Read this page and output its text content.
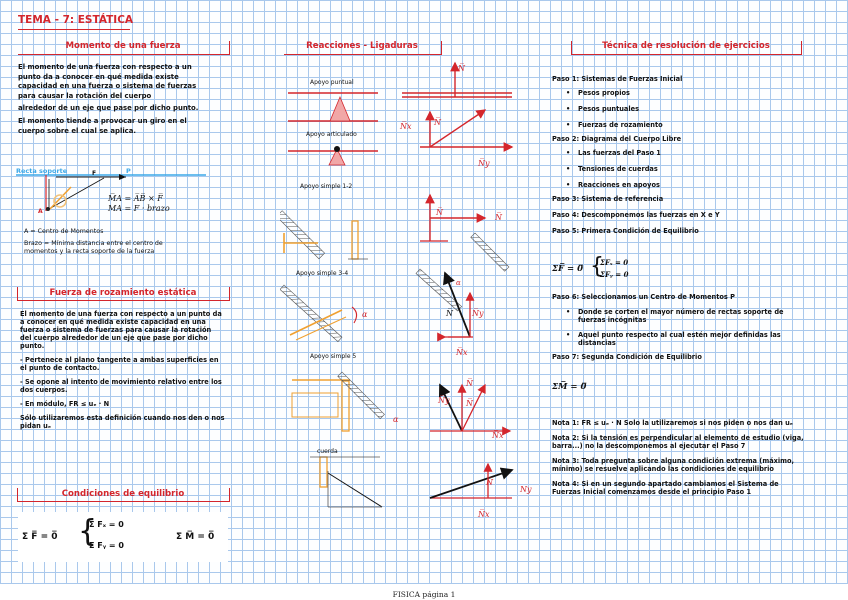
TEMA - 7: ESTÁTICA
Momento de una fuerza
El momento de una fuerza con respecto a un
punto da a conocer en qué medida existe
capacidad en una fuerza o sistema de fuerzas
para causar la rotación del cuerpo
alrededor de un eje que pase por dicho punto.
El momento tiende a provocar un giro en el
cuerpo sobre el cual se aplica.
Recta soporte	F	P
A
M̅A = A̅B̅ × F̅
MA = F · brazo
A = Centro de Momentos
Brazo = Mínima distancia entre el centro de
momentos y la recta soporte de la fuerza
Fuerza de rozamiento estática
El momento de una fuerza con respecto a un punto da
a conocer en qué medida existe capacidad en una
fuerza o sistema de fuerzas para causar la rotación
del cuerpo alrededor de un eje que pase por dicho
punto.
- Pertenece al plano tangente a ambas superficies en
el punto de contacto.
- Se opone al intento de movimiento relativo entre los
dos cuerpos.
- En módulo, FR ≤ uₑ · N
Sólo utilizaremos esta definición cuando nos den o nos
pidan uₑ
Condiciones de equilibrio
Σ F̅ = 0̅ {
Σ Fₓ = 0
Σ Fᵧ = 0
Σ M̅ = 0̅
Reacciones - Ligaduras
Apoyo puntual
Apoyo articulado
Apoyo simple 1-2
Apoyo simple 3-4
Apoyo simple 5
cuerda
N̅
N̅
N̅x
N̅y
N̅
N̅
α
α
N̅ N̅y
N̅x
α
N̅
N̅y N̅
N̅x
N̅
Ny
N̅x
Técnica de resolución de ejercicios
Paso 1: Sistemas de Fuerzas Inicial
• Pesos propios
• Pesos puntuales
• Fuerzas de rozamiento
Paso 2: Diagrama del Cuerpo Libre
• Las fuerzas del Paso 1
• Tensiones de cuerdas
• Reacciones en apoyos
Paso 3: Sistema de referencia
Paso 4: Descomponemos las fuerzas en X e Y
Paso 5: Primera Condición de Equilibrio
ΣF̅ = 0̅ {
ΣFₓ = 0
ΣFᵧ = 0
Paso 6: Seleccionamos un Centro de Momentos P
• Donde se corten el mayor número de rectas soporte de
fuerzas incógnitas
• Aquel punto respecto al cual estén mejor definidas las
distancias
Paso 7: Segunda Condición de Equilibrio
ΣM̅ = 0̅
Nota 1: FR ≤ uₑ · N Solo la utilizaremos si nos piden o nos dan uₑ
Nota 2: Si la tensión es perpendicular al elemento de estudio (viga,
barra...) no la descomponemos al ejecutar el Paso 7
Nota 3: Toda pregunta sobre alguna condición extrema (máximo,
mínimo) se resuelve aplicando las condiciones de equilibrio
Nota 4: Si en un segundo apartado cambiamos el Sistema de
Fuerzas Inicial comenzamos desde el principio Paso 1
FISICA página 1
